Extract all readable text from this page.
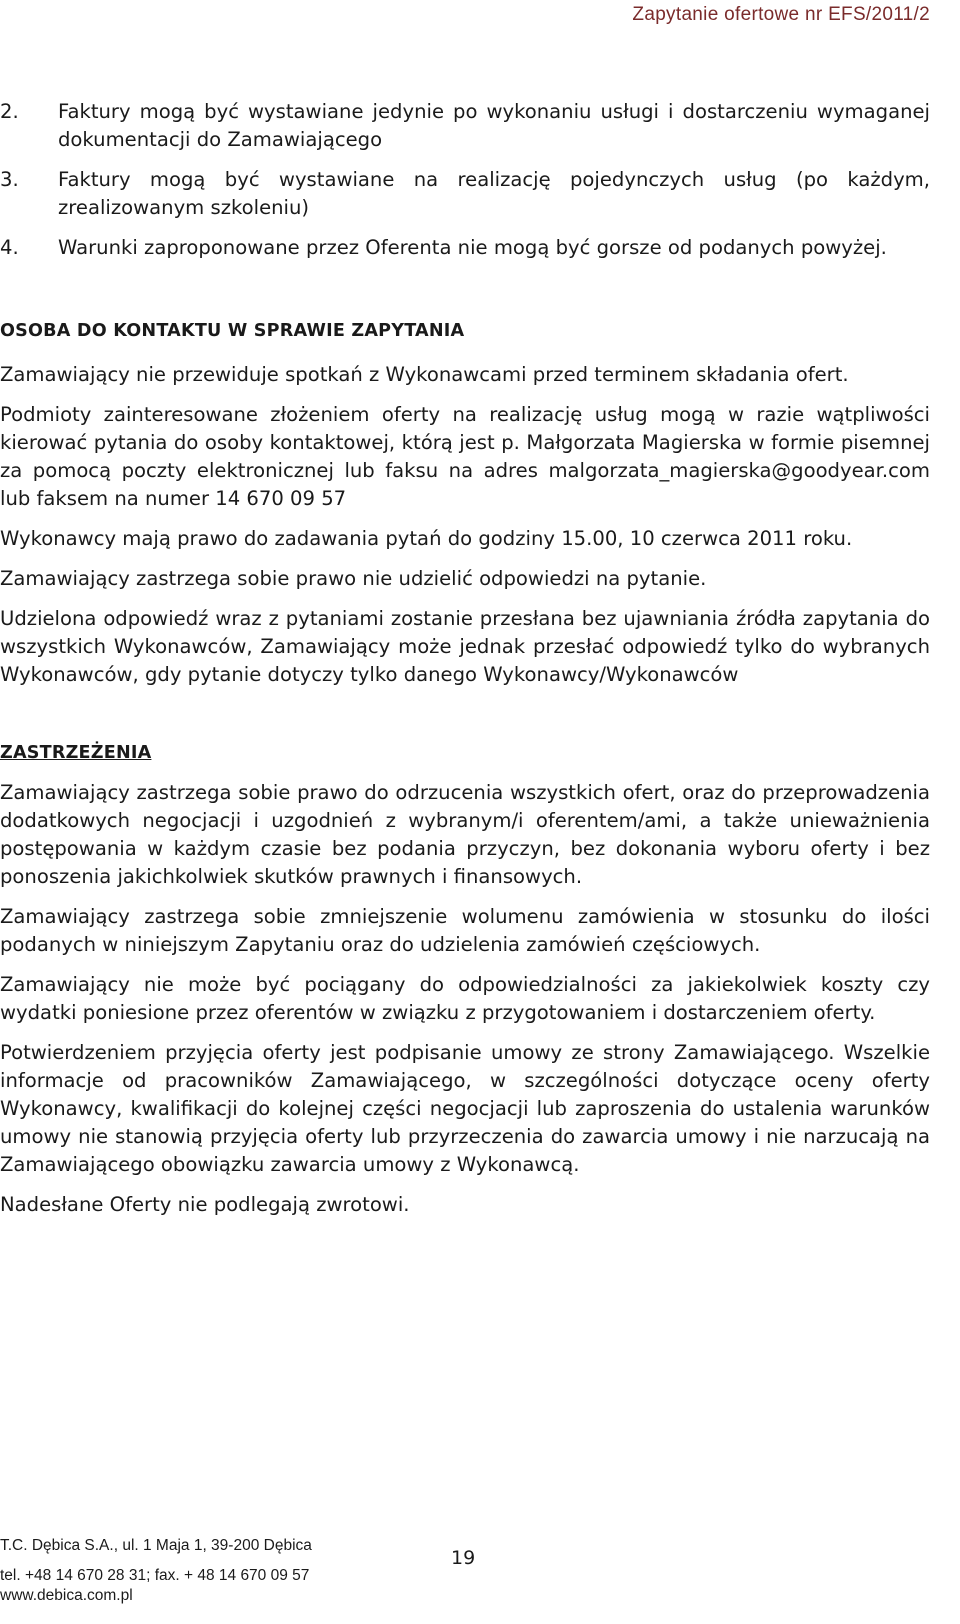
Zapytanie ofertowe nr EFS/2011/2
2. Faktury mogą być wystawiane jedynie po wykonaniu usługi i dostarczeniu wymaganej dokumentacji do Zamawiającego
3. Faktury mogą być wystawiane na realizację pojedynczych usług (po każdym, zrealizowanym szkoleniu)
4. Warunki zaproponowane przez Oferenta nie mogą być gorsze od podanych powyżej.

OSOBA DO KONTAKTU W SPRAWIE ZAPYTANIA

Zamawiający nie przewiduje spotkań z Wykonawcami przed terminem składania ofert.

Podmioty zainteresowane złożeniem oferty na realizację usług mogą w razie wątpliwości kierować pytania do osoby kontaktowej, którą jest p. Małgorzata Magierska w formie pisemnej za pomocą poczty elektronicznej lub faksu na adres malgorzata_magierska@goodyear.com lub faksem na numer 14 670 09 57

Wykonawcy mają prawo do zadawania pytań do godziny 15.00, 10 czerwca 2011 roku.

Zamawiający zastrzega sobie prawo nie udzielić odpowiedzi na pytanie.

Udzielona odpowiedź wraz z pytaniami zostanie przesłana bez ujawniania źródła zapytania do wszystkich Wykonawców, Zamawiający może jednak przesłać odpowiedź tylko do wybranych Wykonawców, gdy pytanie dotyczy tylko danego Wykonawcy/Wykonawców

ZASTRZEŻENIA

Zamawiający zastrzega sobie prawo do odrzucenia wszystkich ofert, oraz do przeprowadzenia dodatkowych negocjacji i uzgodnień z wybranym/i oferentem/ami, a także unieważnienia postępowania w każdym czasie bez podania przyczyn, bez dokonania wyboru oferty i bez ponoszenia jakichkolwiek skutków prawnych i finansowych.

Zamawiający zastrzega sobie zmniejszenie wolumenu zamówienia w stosunku do ilości podanych w niniejszym Zapytaniu oraz do udzielenia zamówień częściowych.

Zamawiający nie może być pociągany do odpowiedzialności za jakiekolwiek koszty czy wydatki poniesione przez oferentów w związku z przygotowaniem i dostarczeniem oferty.

Potwierdzeniem przyjęcia oferty jest podpisanie umowy ze strony Zamawiającego. Wszelkie informacje od pracowników Zamawiającego, w szczególności dotyczące oceny oferty Wykonawcy, kwalifikacji do kolejnej części negocjacji lub zaproszenia do ustalenia warunków umowy nie stanowią przyjęcia oferty lub przyrzeczenia do zawarcia umowy i nie narzucają na Zamawiającego obowiązku zawarcia umowy z Wykonawcą.

Nadesłane Oferty nie podlegają zwrotowi.

T.C. Dębica S.A., ul. 1 Maja 1, 39-200 Dębica
tel. +48 14 670 28 31; fax. + 48 14 670 09 57
www.debica.com.pl
19
